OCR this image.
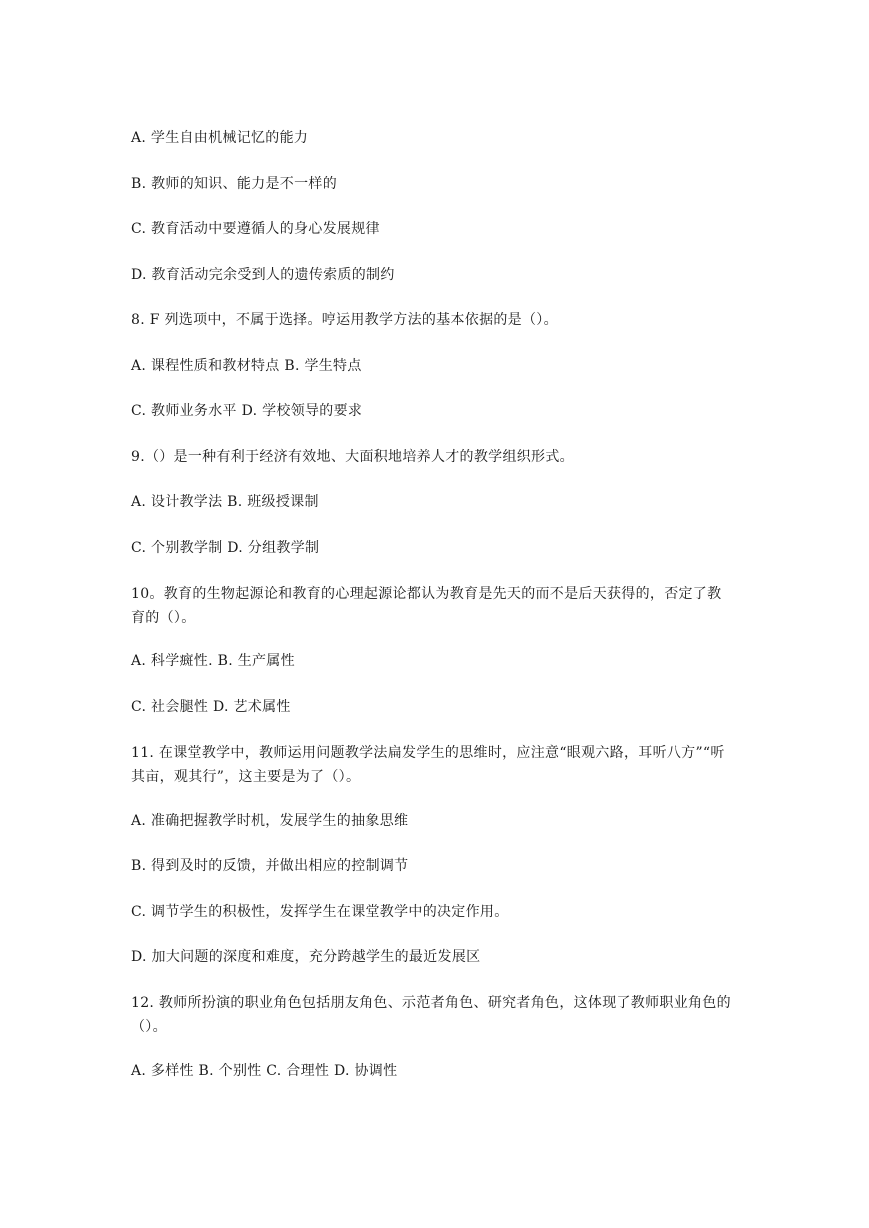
A. 学生自由机械记忆的能力
B. 教师的知识、能力是不一样的
C. 教育活动中要遵循人的身心发展规律
D. 教育活动完余受到人的遗传索质的制约
8. F 列选项中，不属于选择。哼运用教学方法的基本依据的是（）。
A. 课程性质和教材特点 B. 学生特点
C. 教师业务水平 D. 学校领导的要求
9.（）是一种有利于经济有效地、大面积地培养人才的教学组织形式。
A. 设计教学法 B. 班级授课制
C. 个别教学制 D. 分组教学制
10。教育的生物起源论和教育的心理起源论都认为教育是先天的而不是后天获得的，否定了教育的（）。
A. 科学癍性. B. 生产属性
C. 社会腿性 D. 艺术属性
11. 在课堂教学中，教师运用问题教学法扁发学生的思维时，应注意“眼观六路，耳听八方”“听其亩，观其行”，这主要是为了（）。
A. 准确把握教学时机，发展学生的抽象思维
B. 得到及时的反馈，并做出相应的控制调节
C. 调节学生的积极性，发挥学生在课堂教学中的决定作用。
D. 加大问题的深度和难度，充分跨越学生的最近发展区
12. 教师所扮演的职业角色包括朋友角色、示范者角色、研究者角色，这体现了教师职业角色的（）。
A. 多样性 B. 个别性 C. 合理性 D. 协调性
